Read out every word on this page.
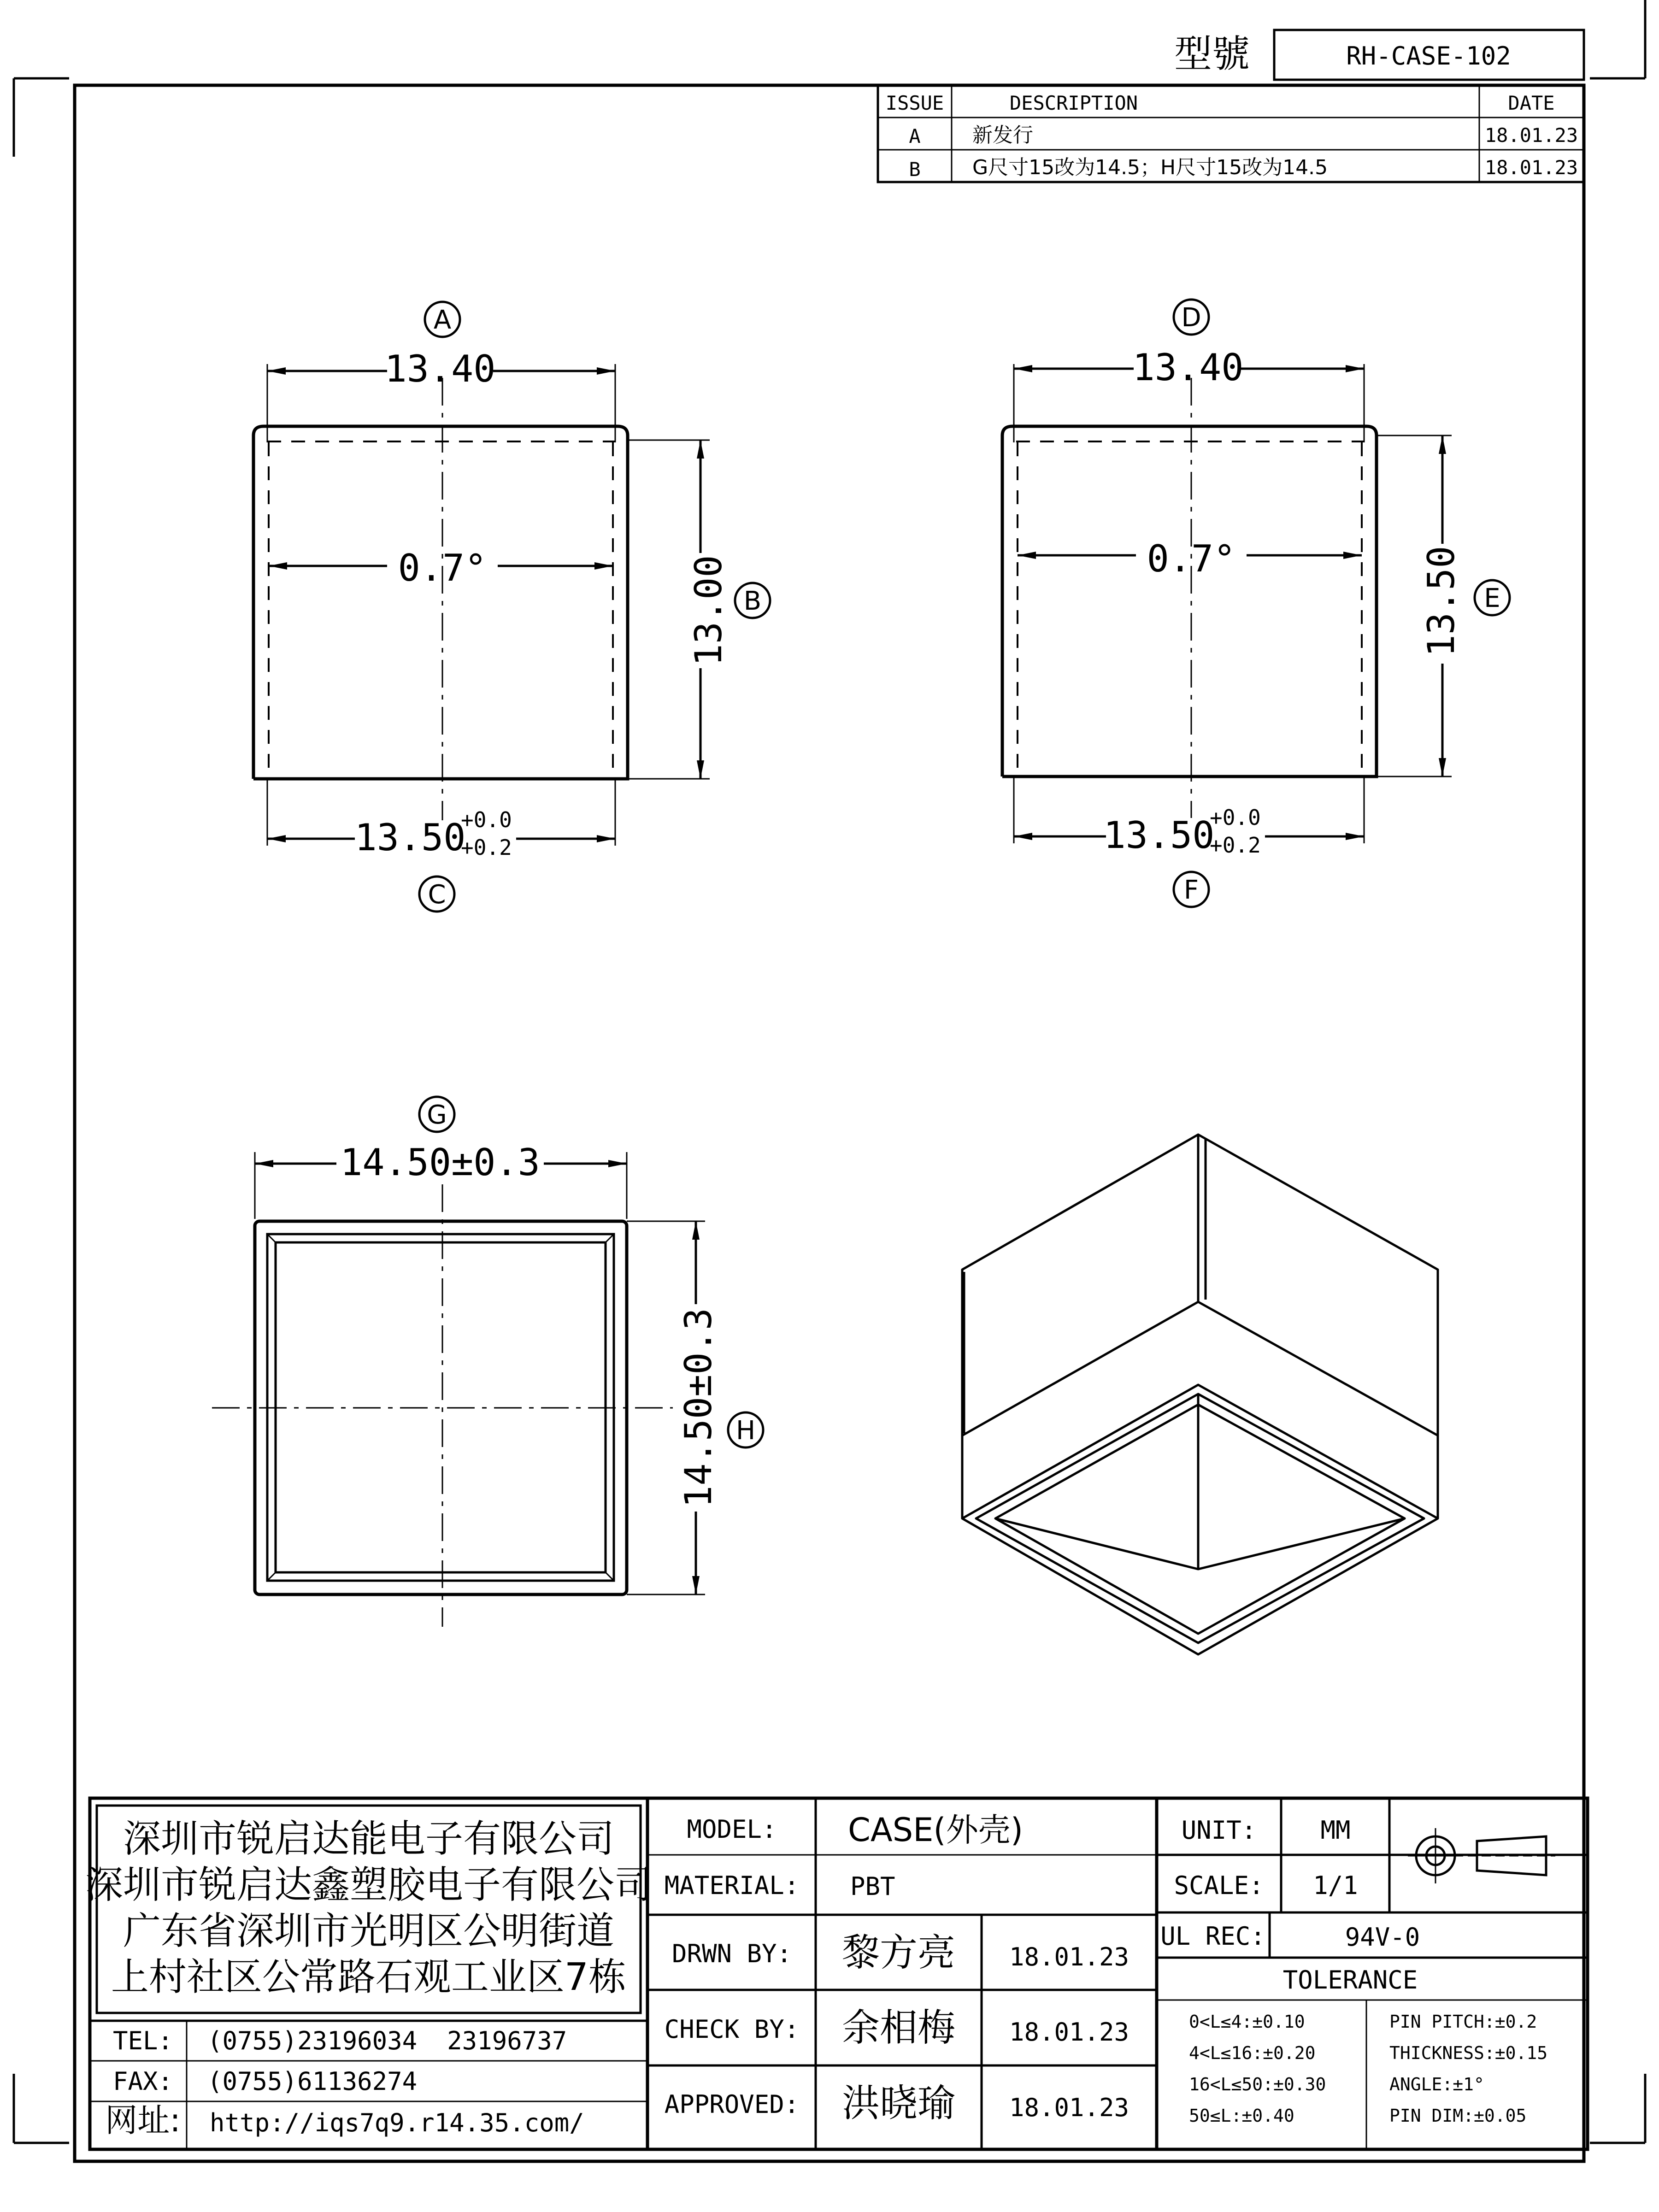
型號	RH-CASE-102
ISSUE	DESCRIPTION	DATE
A	新发行	18.01.23
B	G尺寸15改为14.5；H尺寸15改为14.5	18.01.23
13.40
A
0.7°	13.00 B
13.50
+0.0
+0.2
C
13.40
D
0.7°	13.50 E
13.50
+0.0
+0.2
F
14.50±0.3
G
14.50±0.3 H
深圳市锐启达能电子有限公司
深圳市锐启达鑫塑胶电子有限公司
广东省深圳市光明区公明街道
上村社区公常路石观工业区7栋
TEL: (0755)23196034  23196737
FAX: (0755)61136274
网址: http://iqs7q9.r14.35.com/
MODEL: CASE(外壳)
MATERIAL: PBT
DRWN BY: 黎方亮 18.01.23
CHECK BY: 余相梅 18.01.23
APPROVED: 洪晓瑜 18.01.23
UNIT:	MM
SCALE: 1/1
UL REC:	94V-0
TOLERANCE
0<L≤4:±0.10
4<L≤16:±0.20
16<L≤50:±0.30
50≤L:±0.40
PIN PITCH:±0.2
THICKNESS:±0.15
ANGLE:±1°
PIN DIM:±0.05
